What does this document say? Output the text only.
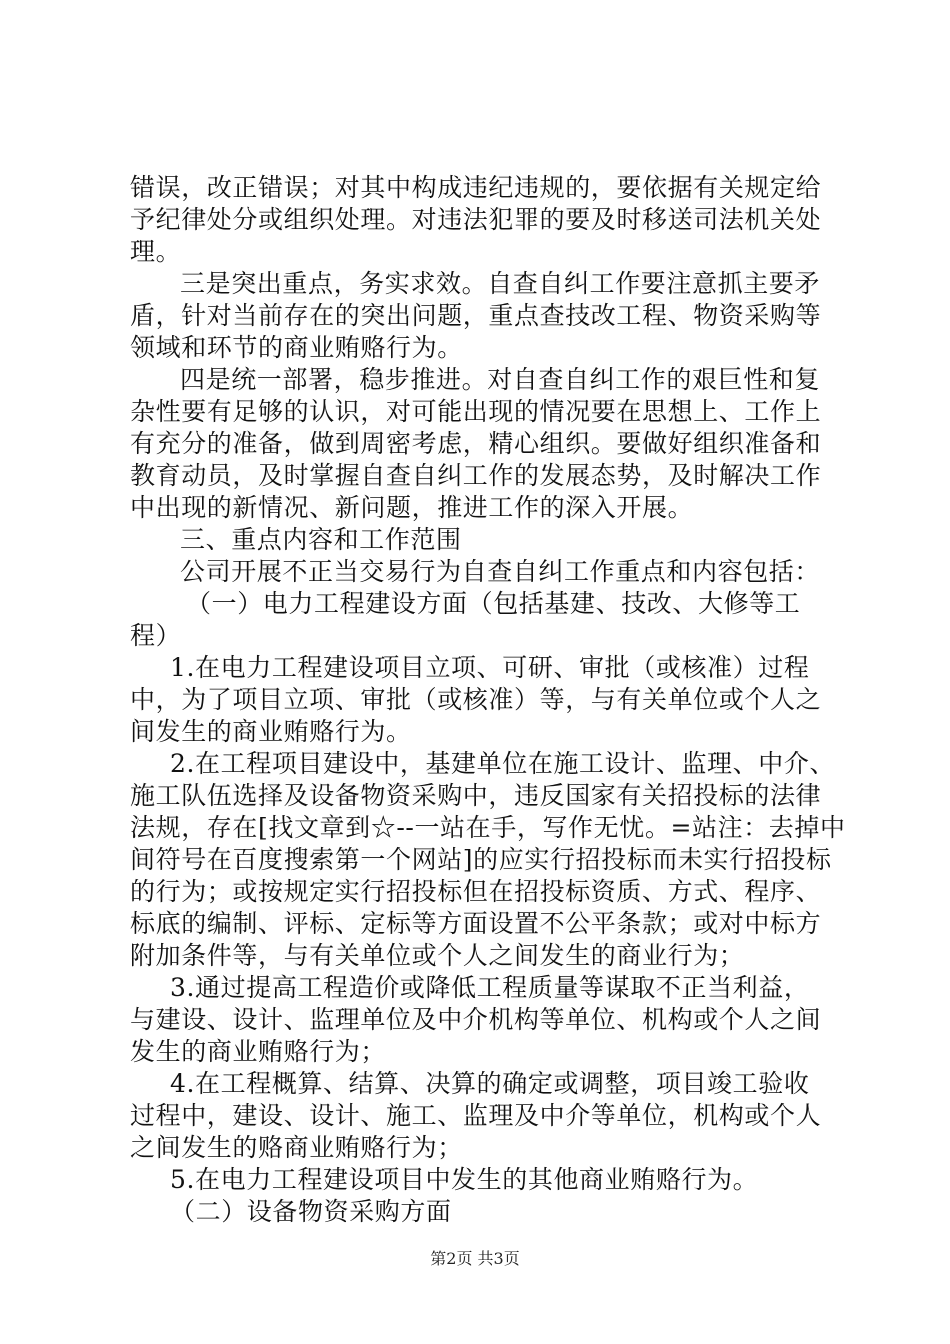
错误，改正错误；对其中构成违纪违规的，要依据有关规定给
予纪律处分或组织处理。对违法犯罪的要及时移送司法机关处
理。
三是突出重点，务实求效。自查自纠工作要注意抓主要矛
盾，针对当前存在的突出问题，重点查技改工程、物资采购等
领域和环节的商业贿赂行为。
四是统一部署，稳步推进。对自查自纠工作的艰巨性和复
杂性要有足够的认识，对可能出现的情况要在思想上、工作上
有充分的准备，做到周密考虑，精心组织。要做好组织准备和
教育动员，及时掌握自查自纠工作的发展态势，及时解决工作
中出现的新情况、新问题，推进工作的深入开展。
三、重点内容和工作范围
公司开展不正当交易行为自查自纠工作重点和内容包括：
（一）电力工程建设方面（包括基建、技改、大修等工
程）
1.在电力工程建设项目立项、可研、审批（或核准）过程
中，为了项目立项、审批（或核准）等，与有关单位或个人之
间发生的商业贿赂行为。
2.在工程项目建设中，基建单位在施工设计、监理、中介、
施工队伍选择及设备物资采购中，违反国家有关招投标的法律
法规，存在[找文章到☆--一站在手，写作无忧。=站注：去掉中
间符号在百度搜索第一个网站]的应实行招投标而未实行招投标
的行为；或按规定实行招投标但在招投标资质、方式、程序、
标底的编制、评标、定标等方面设置不公平条款；或对中标方
附加条件等，与有关单位或个人之间发生的商业行为；
3.通过提高工程造价或降低工程质量等谋取不正当利益，
与建设、设计、监理单位及中介机构等单位、机构或个人之间
发生的商业贿赂行为；
4.在工程概算、结算、决算的确定或调整，项目竣工验收
过程中，建设、设计、施工、监理及中介等单位，机构或个人
之间发生的赂商业贿赂行为；
5.在电力工程建设项目中发生的其他商业贿赂行为。
（二）设备物资采购方面
第2页 共3页
